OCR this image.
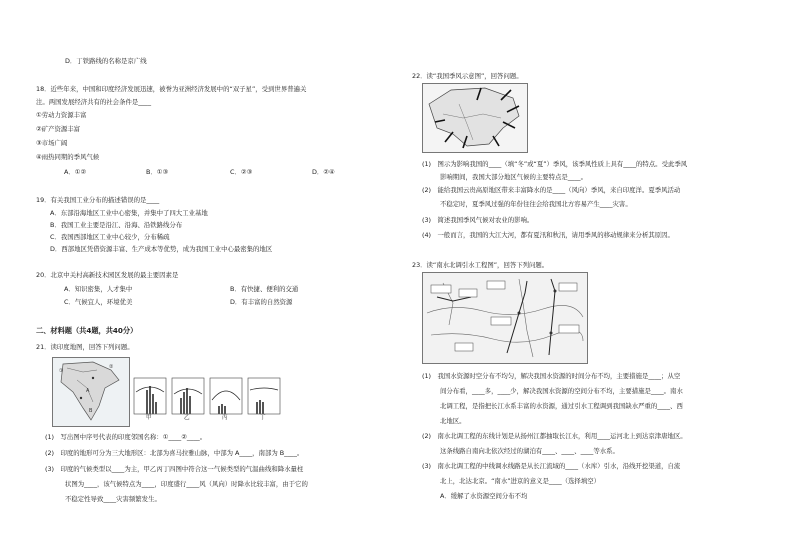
D．丁铁路线的名称是京广线
18．近些年来，中国和印度经济发展迅速，被誉为亚洲经济发展中的“双子星”，受到世界普遍关
注。两国发展经济共有的社会条件是____
①劳动力资源丰富
②矿产资源丰富
③市场广阔
④雨热同期的季风气候
A．①②	B．①③	C．②③	D．②④
19．有关我国工业分布的描述错误的是____
A．东部沿海地区工业中心密集，并集中了四大工业基地
B．我国工业主要是沿江、沿海、沿铁路线分布
C．我国西部地区工业中心较少，分布稀疏
D．西部地区凭借资源丰富、生产成本等优势，成为我国工业中心最密集的地区
20．北京中关村高新技术园区发展的最主要因素是
A．知识密集，人才集中	B．有快捷、便利的交通
C．气候宜人，环境优美	D．有丰富的自然资源
二、材料题（共4题，共40分）
21．读印度地图，回答下列问题。
①
②
A
B
甲	乙	丙	丁
(1)　写出图中序号代表的印度邻国名称：①____②____。
(2)　印度的地形可分为三大地形区：北部为喜马拉雅山脉，中部为 A____，南部为 B____。
(3)　印度的气候类型以____为主，甲乙丙丁四图中符合这一气候类型的气温曲线和降水量柱
状图为____，该气候特点为____，印度盛行____风（风向）时降水比较丰富，由于它的
不稳定性导致____灾害频繁发生。
22．读“我国季风示意图”，回答问题。
(1)　图示为影响我国的____（填“冬”或“夏”）季风，该季风性质上具有____的特点。受此季风
影响期间，我国大部分地区气候的主要特点是____。
(2)　能给我国云贵高原地区带来丰富降水的是____（风向）季风，来自印度洋。夏季风活动
不稳定时，夏季风过强的年份往往会给我国北方容易产生____灾害。
(3)　简述我国季风气候对农业的影响。
(4)　一般而言，我国的大江大河，都有夏汛和秋汛，请用季风的移动规律来分析其原因。
23．读“南水北调引水工程图”，回答下列问题。
(1)　我国水资源时空分布不均匀，解决我国水资源的时间分布不均，主要措施是____；从空
间分布看，____多，____少，解决我国水资源的空间分布不均，主要措施是____。南水
北调工程，是指把长江水系丰富的水资源，通过引水工程调到我国缺水严重的____、西
北地区。
(2)　南水北调工程的东线计划是从扬州江都抽取长江水，利用____运河北上到达京津唐地区。
这条线路自南向北依次经过的湖泊有____、____、____等水系。
(3)　南水北调工程的中线调水线路是从长江流域的____（水库）引水，沿线开挖渠道，自流
北上，北达北京。“南水”进京的意义是____（选择填空）
A．缓解了水资源空间分布不均
